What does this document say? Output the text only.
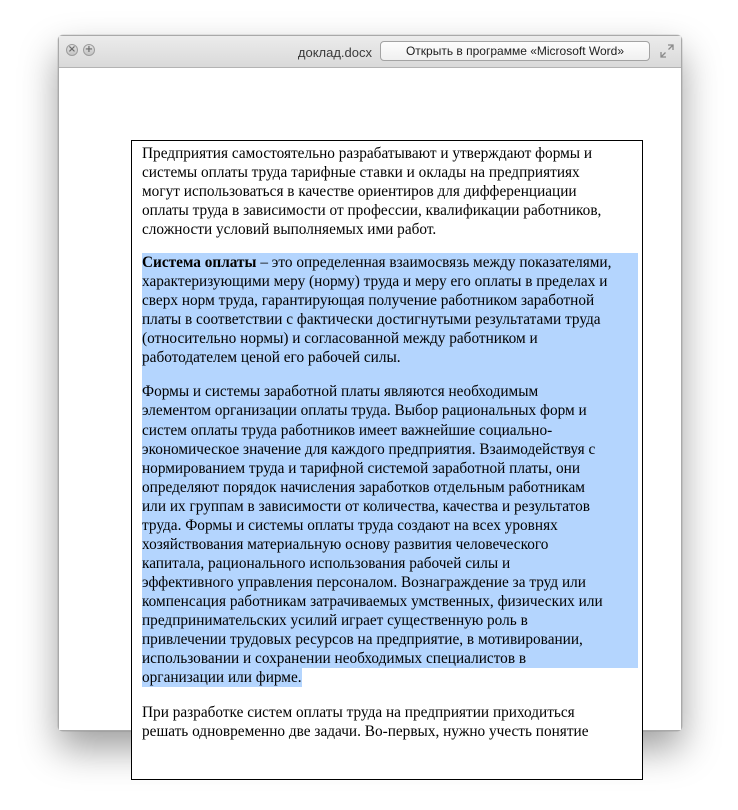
× +	доклад.docx	Открыть в программе «Microsoft Word»

Предприятия самостоятельно разрабатывают и утверждают формы и
системы оплаты труда тарифные ставки и оклады на предприятиях
могут использоваться в качестве ориентиров для дифференциации
оплаты труда в зависимости от профессии, квалификации работников,
сложности условий выполняемых ими работ.

Система оплаты – это определенная взаимосвязь между показателями,
характеризующими меру (норму) труда и меру его оплаты в пределах и
сверх норм труда, гарантирующая получение работником заработной
платы в соответствии с фактически достигнутыми результатами труда
(относительно нормы) и согласованной между работником и
работодателем ценой его рабочей силы.
Формы и системы заработной платы являются необходимым
элементом организации оплаты труда. Выбор рациональных форм и
систем оплаты труда работников имеет важнейшие социально-
экономическое значение для каждого предприятия. Взаимодействуя с
нормированием труда и тарифной системой заработной платы, они
определяют порядок начисления заработков отдельным работникам
или их группам в зависимости от количества, качества и результатов
труда. Формы и системы оплаты труда создают на всех уровнях
хозяйствования материальную основу развития человеческого
капитала, рационального использования рабочей силы и
эффективного управления персоналом. Вознаграждение за труд или
компенсация работникам затрачиваемых умственных, физических или
предпринимательских усилий играет существенную роль в
привлечении трудовых ресурсов на предприятие, в мотивировании,
использовании и сохранении необходимых специалистов в
организации или фирме.

При разработке систем оплаты труда на предприятии приходиться
решать одновременно две задачи. Во-первых, нужно учесть понятие
